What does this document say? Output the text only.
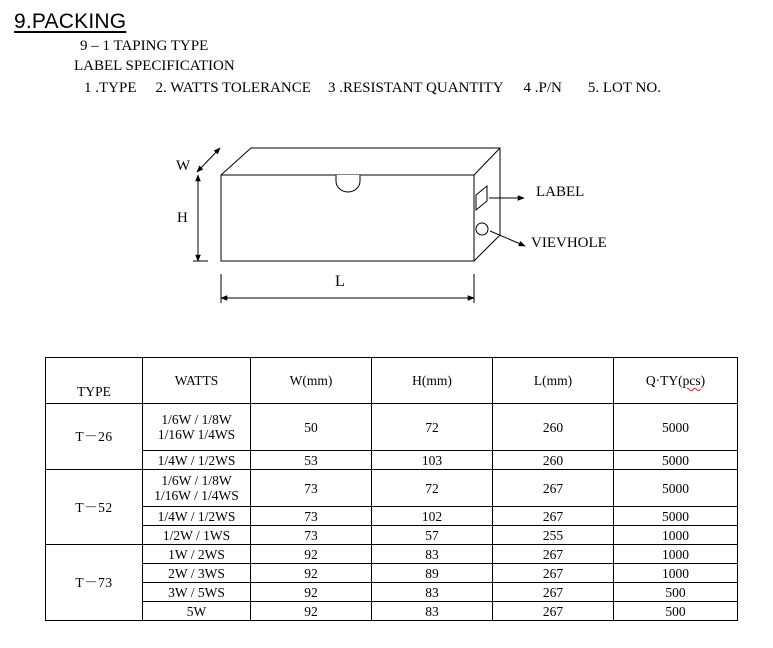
9.PACKING
9 – 1 TAPING TYPE
LABEL SPECIFICATION
1 .TYPE 2. WATTS TOLERANCE 3 .RESISTANT QUANTITY 4 .P/N 5. LOT NO.
W
H
L
LABEL
VIEVHOLE
TYPE	WATTS	W(mm)	H(mm)	L(mm)	Q·TY(pcs)
T－26	1/6W / 1/8W
1/16W 1/4WS	50	72	260	5000
	1/4W / 1/2WS	53	103	260	5000
T－52	1/6W / 1/8W
1/16W / 1/4WS	73	72	267	5000
	1/4W / 1/2WS	73	102	267	5000
	1/2W / 1WS	73	57	255	1000
T－73	1W / 2WS	92	83	267	1000
	2W / 3WS	92	89	267	1000
	3W / 5WS	92	83	267	500
	5W	92	83	267	500
